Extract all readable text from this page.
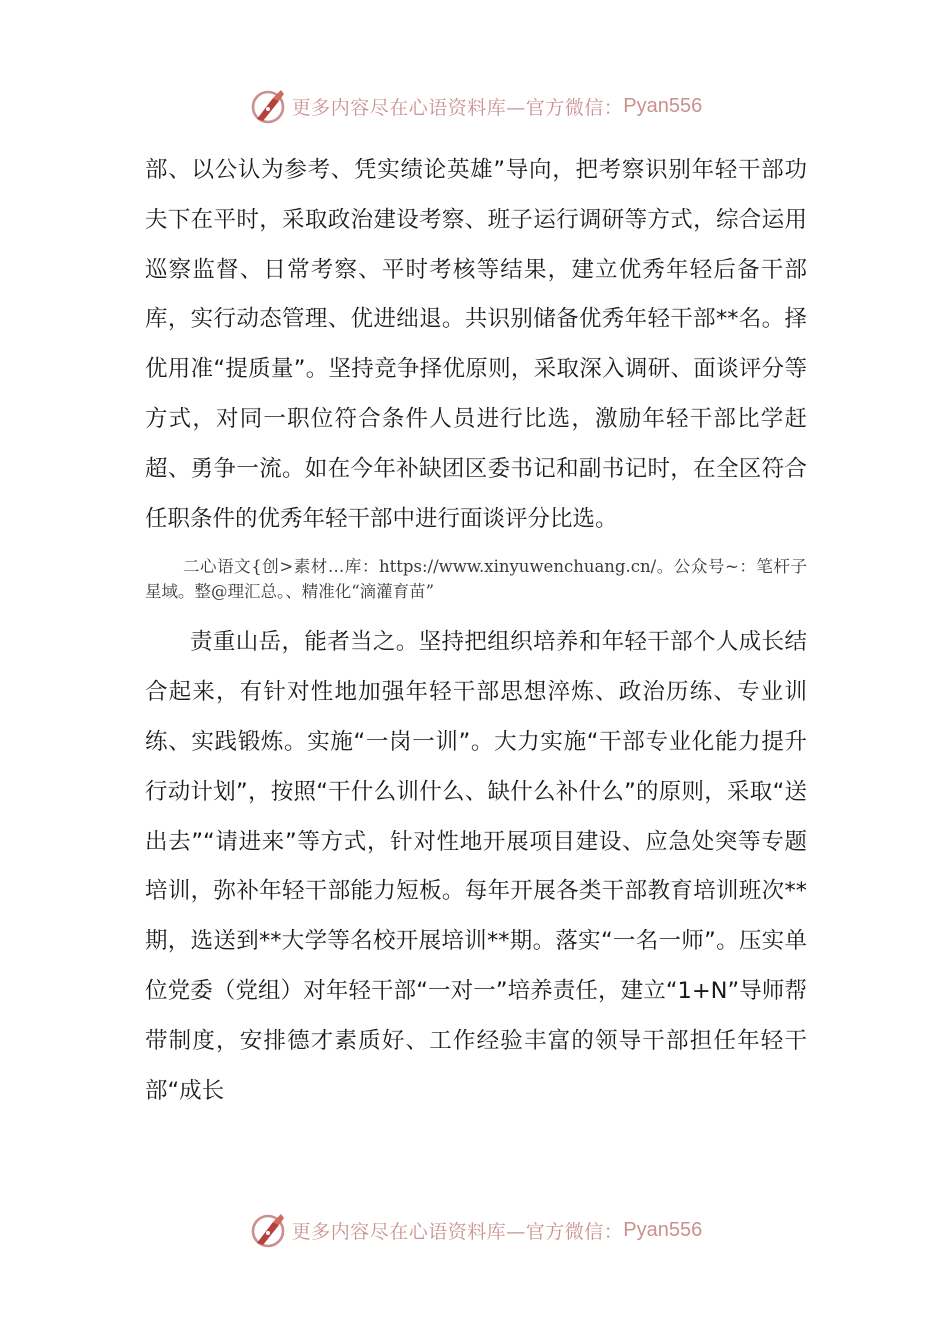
更多内容尽在心语资料库—官方微信： Pyan556

部、以公认为参考、凭实绩论英雄”导向，把考察识别年轻干部功夫下在平时，采取政治建设考察、班子运行调研等方式，综合运用巡察监督、日常考察、平时考核等结果，建立优秀年轻后备干部库，实行动态管理、优进绌退。共识别储备优秀年轻干部**名。择优用准“提质量”。坚持竞争择优原则，采取深入调研、面谈评分等方式，对同一职位符合条件人员进行比选，激励年轻干部比学赶超、勇争一流。如在今年补缺团区委书记和副书记时，在全区符合任职条件的优秀年轻干部中进行面谈评分比选。

二心语文{创>素材…库：https://www.xinyuwenchuang.cn/。公众号~：笔杆子星域。整@理汇总。、精准化“滴灌育苗”

责重山岳，能者当之。坚持把组织培养和年轻干部个人成长结合起来，有针对性地加强年轻干部思想淬炼、政治历练、专业训练、实践锻炼。实施“一岗一训”。大力实施“干部专业化能力提升行动计划”，按照“干什么训什么、缺什么补什么”的原则，采取“送出去”“请进来”等方式，针对性地开展项目建设、应急处突等专题培训，弥补年轻干部能力短板。每年开展各类干部教育培训班次**期，选送到**大学等名校开展培训**期。落实“一名一师”。压实单位党委（党组）对年轻干部“一对一”培养责任，建立“1+N”导师帮带制度，安排德才素质好、工作经验丰富的领导干部担任年轻干部“成长

更多内容尽在心语资料库—官方微信： Pyan556
